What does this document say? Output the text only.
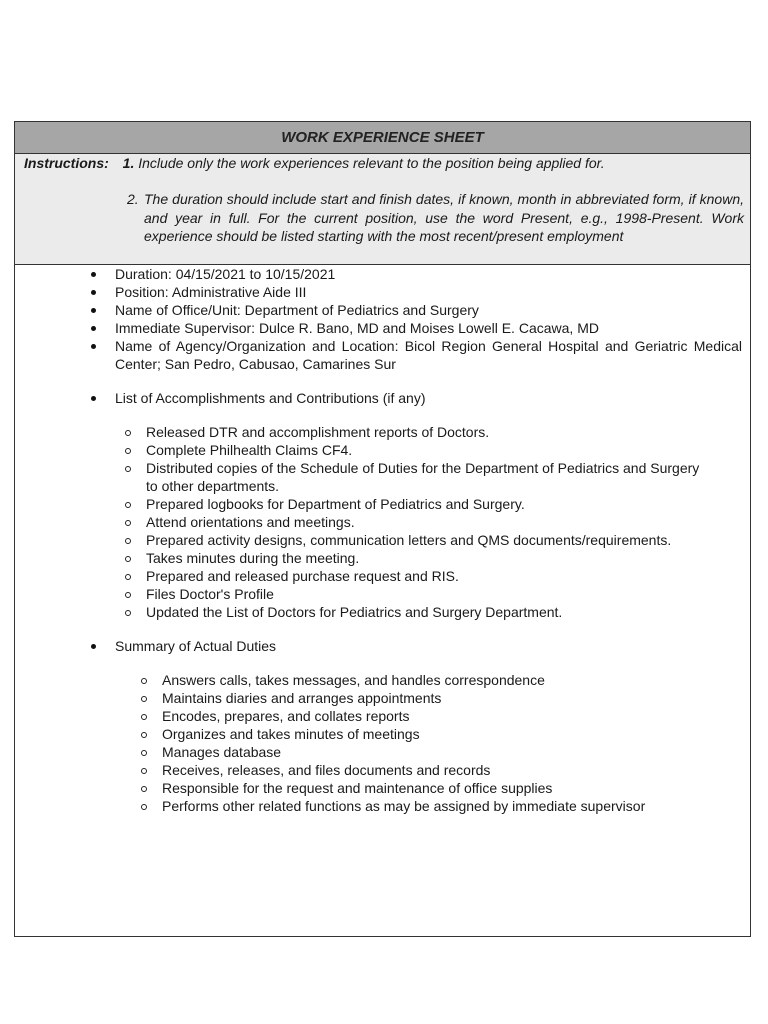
WORK EXPERIENCE SHEET
Instructions: 1. Include only the work experiences relevant to the position being applied for.
2. The duration should include start and finish dates, if known, month in abbreviated form, if known, and year in full. For the current position, use the word Present, e.g., 1998-Present. Work experience should be listed starting with the most recent/present employment
Duration: 04/15/2021 to 10/15/2021
Position: Administrative Aide III
Name of Office/Unit: Department of Pediatrics and Surgery
Immediate Supervisor: Dulce R. Bano, MD and Moises Lowell E. Cacawa, MD
Name of Agency/Organization and Location: Bicol Region General Hospital and Geriatric Medical Center; San Pedro, Cabusao, Camarines Sur
List of Accomplishments and Contributions (if any)
Released DTR and accomplishment reports of Doctors.
Complete Philhealth Claims CF4.
Distributed copies of the Schedule of Duties for the Department of Pediatrics and Surgery to other departments.
Prepared logbooks for Department of Pediatrics and Surgery.
Attend orientations and meetings.
Prepared activity designs, communication letters and QMS documents/requirements.
Takes minutes during the meeting.
Prepared and released purchase request and RIS.
Files Doctor's Profile
Updated the List of Doctors for Pediatrics and Surgery Department.
Summary of Actual Duties
Answers calls, takes messages, and handles correspondence
Maintains diaries and arranges appointments
Encodes, prepares, and collates reports
Organizes and takes minutes of meetings
Manages database
Receives, releases, and files documents and records
Responsible for the request and maintenance of office supplies
Performs other related functions as may be assigned by immediate supervisor
